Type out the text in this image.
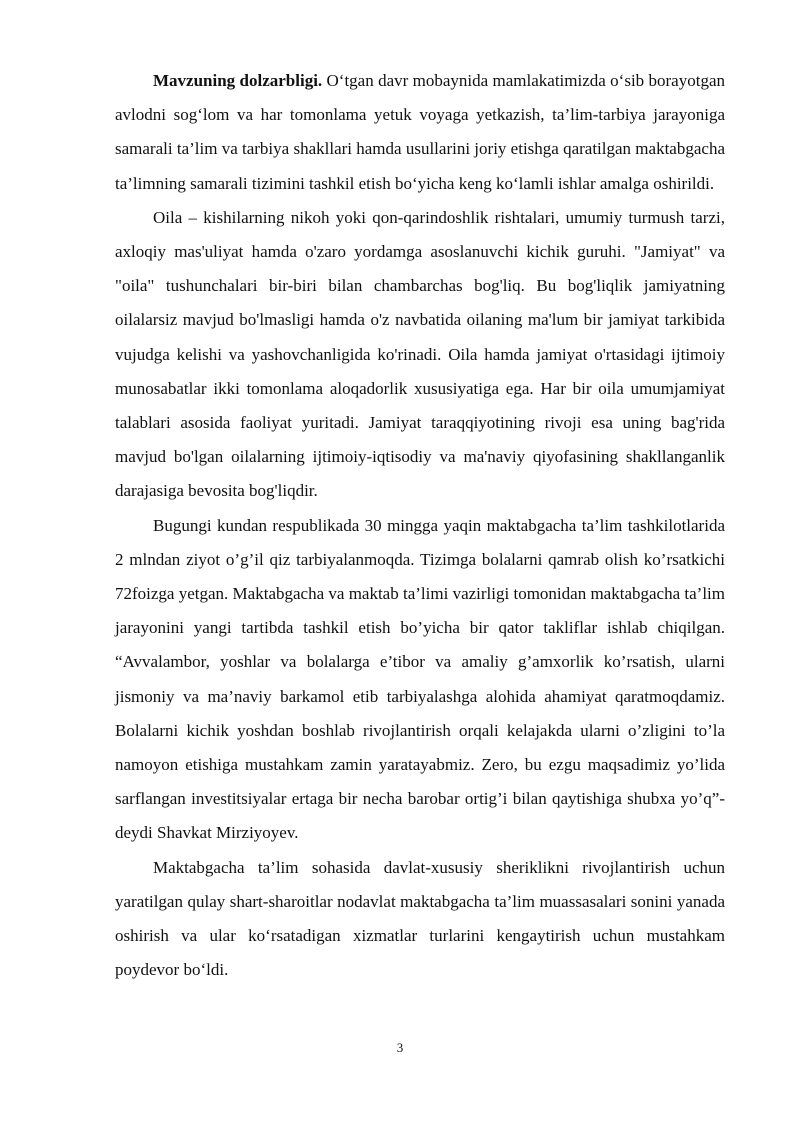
Mavzuning dolzarbligi. O‘tgan davr mobaynida mamlakatimizda o‘sib borayotgan avlodni sog‘lom va har tomonlama yetuk voyaga yetkazish, ta’lim-tarbiya jarayoniga samarali ta’lim va tarbiya shakllari hamda usullarini joriy etishga qaratilgan maktabgacha ta’limning samarali tizimini tashkil etish bo‘yicha keng ko‘lamli ishlar amalga oshirildi.

Oila – kishilarning nikoh yoki qon-qarindoshlik rishtalari, umumiy turmush tarzi, axloqiy mas'uliyat hamda o'zaro yordamga asoslanuvchi kichik guruhi. "Jamiyat" va "oila" tushunchalari bir-biri bilan chambarchas bog'liq. Bu bog'liqlik jamiyatning oilalarsiz mavjud bo'lmasligi hamda o'z navbatida oilaning ma'lum bir jamiyat tarkibida vujudga kelishi va yashovchanligida ko'rinadi. Oila hamda jamiyat o'rtasidagi ijtimoiy munosabatlar ikki tomonlama aloqadorlik xususiyatiga ega. Har bir oila umumjamiyat talablari asosida faoliyat yuritadi. Jamiyat taraqqiyotining rivoji esa uning bag'rida mavjud bo'lgan oilalarning ijtimoiy-iqtisodiy va ma'naviy qiyofasining shakllanganlik darajasiga bevosita bog'liqdir.

Bugungi kundan respublikada 30 mingga yaqin maktabgacha ta’lim tashkilotlarida 2 mlndan ziyot o’g’il qiz tarbiyalanmoqda. Tizimga bolalarni qamrab olish ko’rsatkichi 72foizga yetgan. Maktabgacha va maktab ta’limi vazirligi tomonidan maktabgacha ta’lim jarayonini yangi tartibda tashkil etish bo’yicha bir qator takliflar ishlab chiqilgan. “Avvalambor, yoshlar va bolalarga e’tibor va amaliy g’amxorlik ko’rsatish, ularni jismoniy va ma’naviy barkamol etib tarbiyalashga alohida ahamiyat qaratmoqdamiz. Bolalarni kichik yoshdan boshlab rivojlantirish orqali kelajakda ularni o’zligini to’la namoyon etishiga mustahkam zamin yaratayabmiz. Zero, bu ezgu maqsadimiz yo’lida sarflangan investitsiyalar ertaga bir necha barobar ortig’i bilan qaytishiga shubxa yo’q”- deydi Shavkat Mirziyoyev.

Maktabgacha ta’lim sohasida davlat-xususiy sheriklikni rivojlantirish uchun yaratilgan qulay shart-sharoitlar nodavlat maktabgacha ta’lim muassasalari sonini yanada oshirish va ular ko‘rsatadigan xizmatlar turlarini kengaytirish uchun mustahkam poydevor bo‘ldi.

3
